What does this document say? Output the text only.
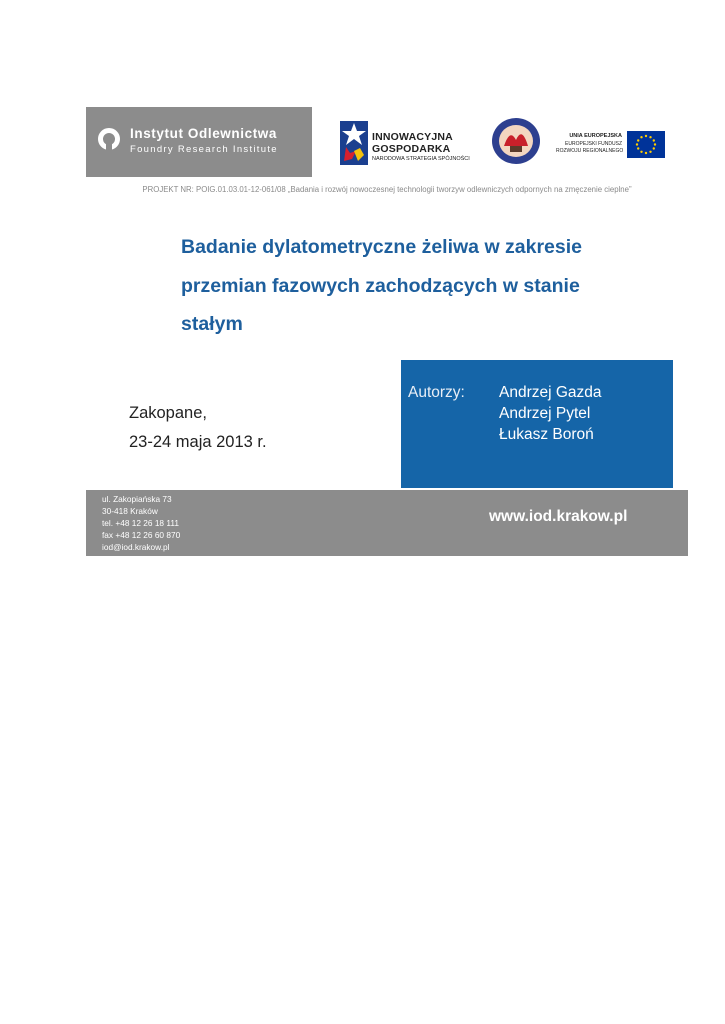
Instytut Odlewnictwa
Foundry Research Institute
INNOWACYJNA
GOSPODARKA
NARODOWA STRATEGIA SPÓJNOŚCI
UNIA EUROPEJSKA
EUROPEJSKI FUNDUSZ
ROZWOJU REGIONALNEGO
PROJEKT NR: POIG.01.03.01-12-061/08 „Badania i rozwój nowoczesnej technologii tworzyw odlewniczych odpornych na zmęczenie cieplne”
Badanie dylatometryczne żeliwa w zakresie przemian fazowych zachodzących w stanie stałym
Autorzy: Andrzej Gazda
Andrzej Pytel
Łukasz Boroń
Zakopane,
23-24 maja 2013 r.
ul. Zakopiańska 73
30-418 Kraków
tel. +48 12 26 18 111
fax +48 12 26 60 870
iod@iod.krakow.pl
www.iod.krakow.pl
